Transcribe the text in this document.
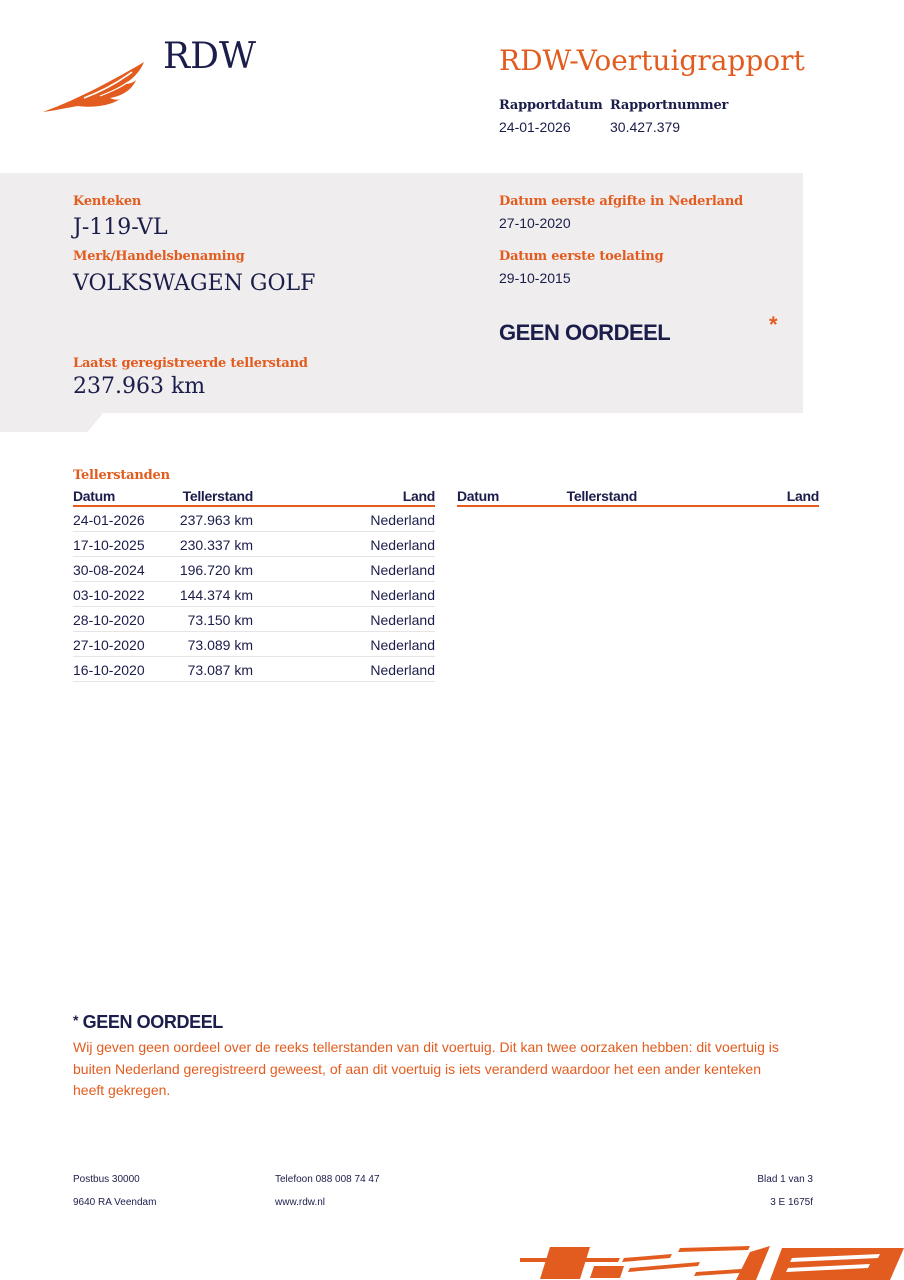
RDW	RDW-Voertuigrapport
Rapportdatum
24-01-2026
Rapportnummer
30.427.379
Kenteken
J-119-VL
Merk/Handelsbenaming
VOLKSWAGEN GOLF
Laatst geregistreerde tellerstand
237.963 km
Datum eerste afgifte in Nederland
27-10-2020
Datum eerste toelating
29-10-2015
GEEN OORDEEL	*
Tellerstanden
Datum	Tellerstand	Land
24-01-2026	237.963 km	Nederland
17-10-2025	230.337 km	Nederland
30-08-2024	196.720 km	Nederland
03-10-2022	144.374 km	Nederland
28-10-2020	73.150 km	Nederland
27-10-2020	73.089 km	Nederland
16-10-2020	73.087 km	Nederland
Datum	Tellerstand	Land
* GEEN OORDEEL
Wij geven geen oordeel over de reeks tellerstanden van dit voertuig. Dit kan twee oorzaken hebben: dit voertuig is
buiten Nederland geregistreerd geweest, of aan dit voertuig is iets veranderd waardoor het een ander kenteken
heeft gekregen.
Postbus 30000
9640 RA Veendam
Telefoon 088 008 74 47
www.rdw.nl
Blad 1 van 3
3 E 1675f
